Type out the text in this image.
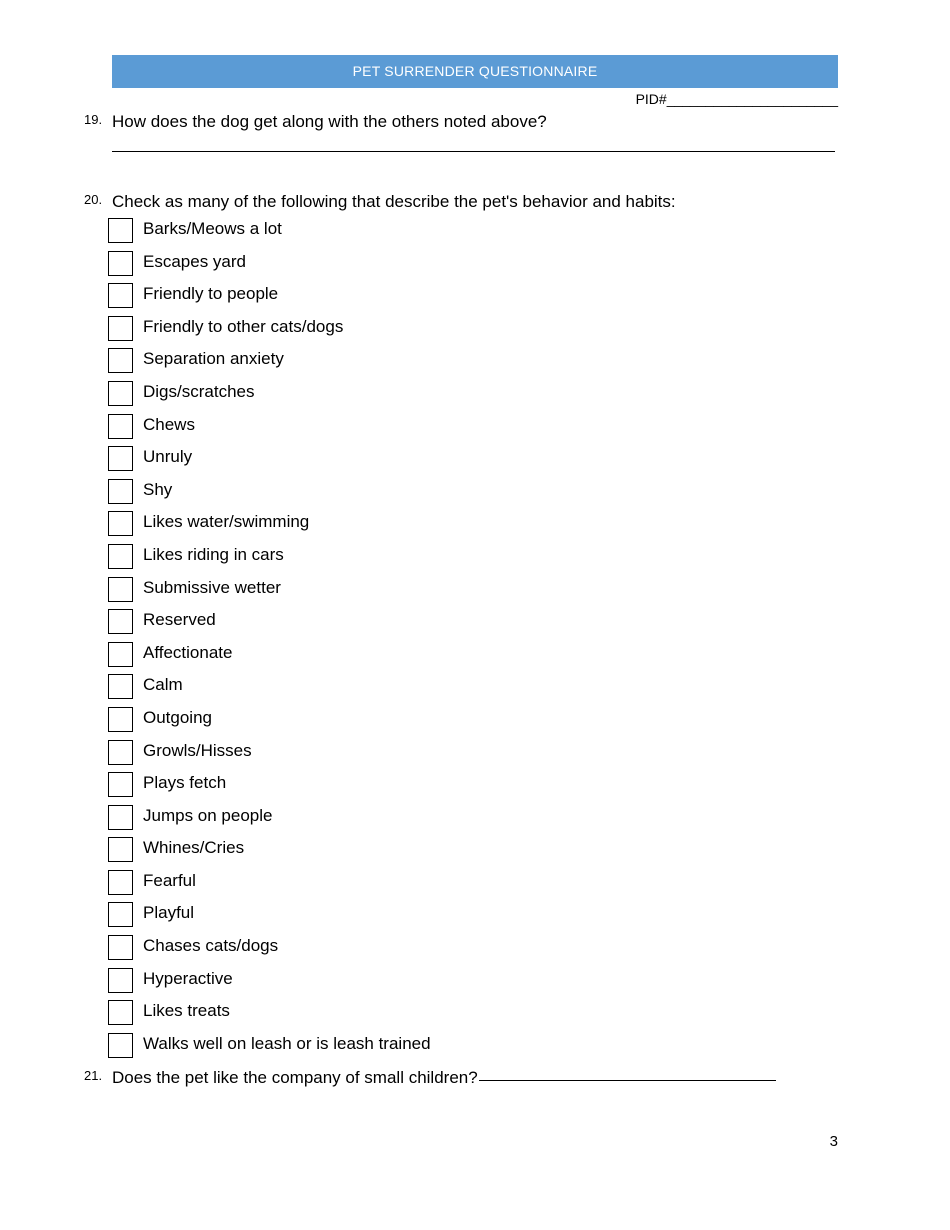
PET SURRENDER QUESTIONNAIRE
PID#______________________
19. How does the dog get along with the others noted above?
20. Check as many of the following that describe the pet's behavior and habits:
Barks/Meows a lot
Escapes yard
Friendly to people
Friendly to other cats/dogs
Separation anxiety
Digs/scratches
Chews
Unruly
Shy
Likes water/swimming
Likes riding in cars
Submissive wetter
Reserved
Affectionate
Calm
Outgoing
Growls/Hisses
Plays fetch
Jumps on people
Whines/Cries
Fearful
Playful
Chases cats/dogs
Hyperactive
Likes treats
Walks well on leash or is leash trained
21. Does the pet like the company of small children?
3
